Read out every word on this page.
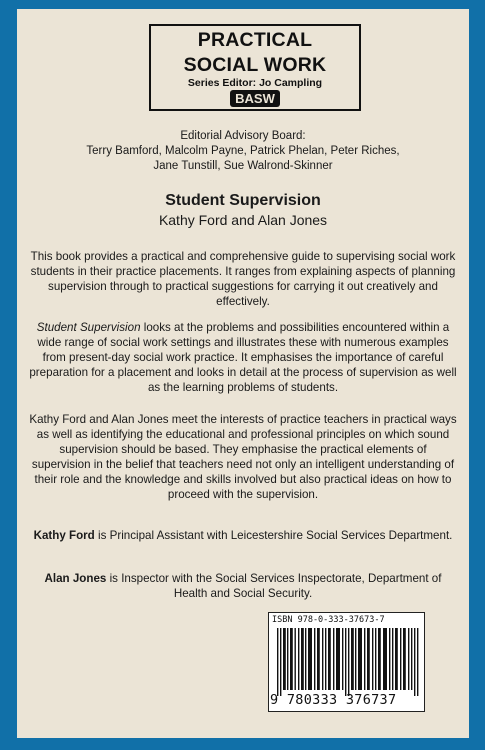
PRACTICAL
SOCIAL WORK
Series Editor: Jo Campling
BASW
Editorial Advisory Board:
Terry Bamford, Malcolm Payne, Patrick Phelan, Peter Riches,
Jane Tunstill, Sue Walrond-Skinner
Student Supervision
Kathy Ford and Alan Jones

This book provides a practical and comprehensive guide to supervising social work students in their practice placements. It ranges from explaining aspects of planning supervision through to practical suggestions for carrying it out creatively and effectively.

Student Supervision looks at the problems and possibilities encountered within a wide range of social work settings and illustrates these with numerous examples from present-day social work practice. It emphasises the importance of careful preparation for a placement and looks in detail at the process of supervision as well as the learning problems of students.

Kathy Ford and Alan Jones meet the interests of practice teachers in practical ways as well as identifying the educational and professional principles on which sound supervision should be based. They emphasise the practical elements of supervision in the belief that teachers need not only an intelligent understanding of their role and the knowledge and skills involved but also practical ideas on how to proceed with the supervision.

Kathy Ford is Principal Assistant with Leicestershire Social Services Department.

Alan Jones is Inspector with the Social Services Inspectorate, Department of Health and Social Security.

ISBN 978-0-333-37673-7
9 780333 376737
